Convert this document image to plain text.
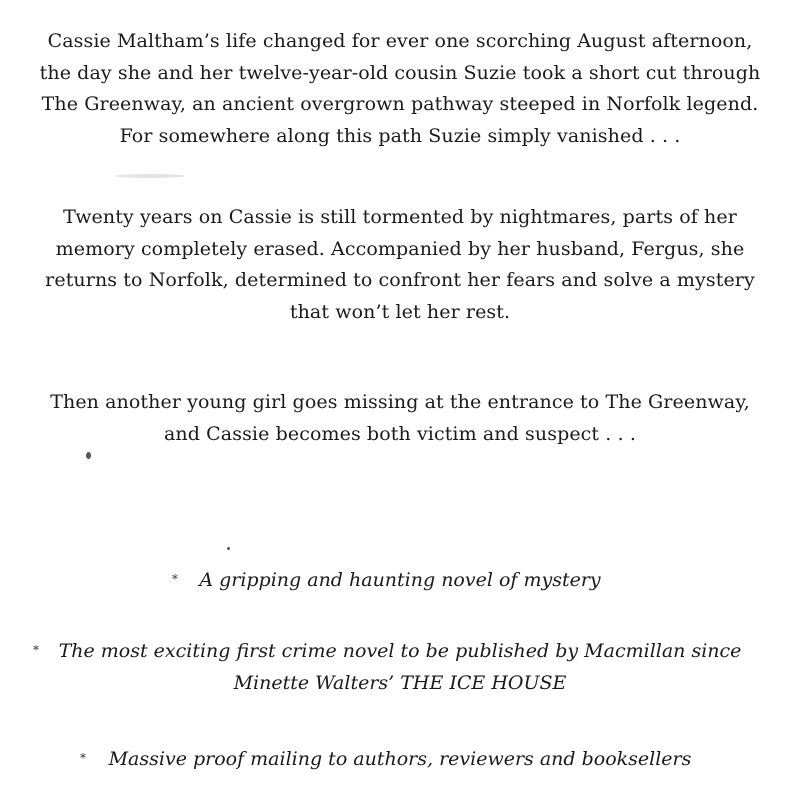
Cassie Maltham’s life changed for ever one scorching August afternoon,
the day she and her twelve-year-old cousin Suzie took a short cut through
The Greenway, an ancient overgrown pathway steeped in Norfolk legend.
For somewhere along this path Suzie simply vanished . . .
Twenty years on Cassie is still tormented by nightmares, parts of her
memory completely erased. Accompanied by her husband, Fergus, she
returns to Norfolk, determined to confront her fears and solve a mystery
that won’t let her rest.
Then another young girl goes missing at the entrance to The Greenway,
and Cassie becomes both victim and suspect . . .
*	A gripping and haunting novel of mystery
*	The most exciting first crime novel to be published by Macmillan since
Minette Walters’ THE ICE HOUSE
*	Massive proof mailing to authors, reviewers and booksellers
